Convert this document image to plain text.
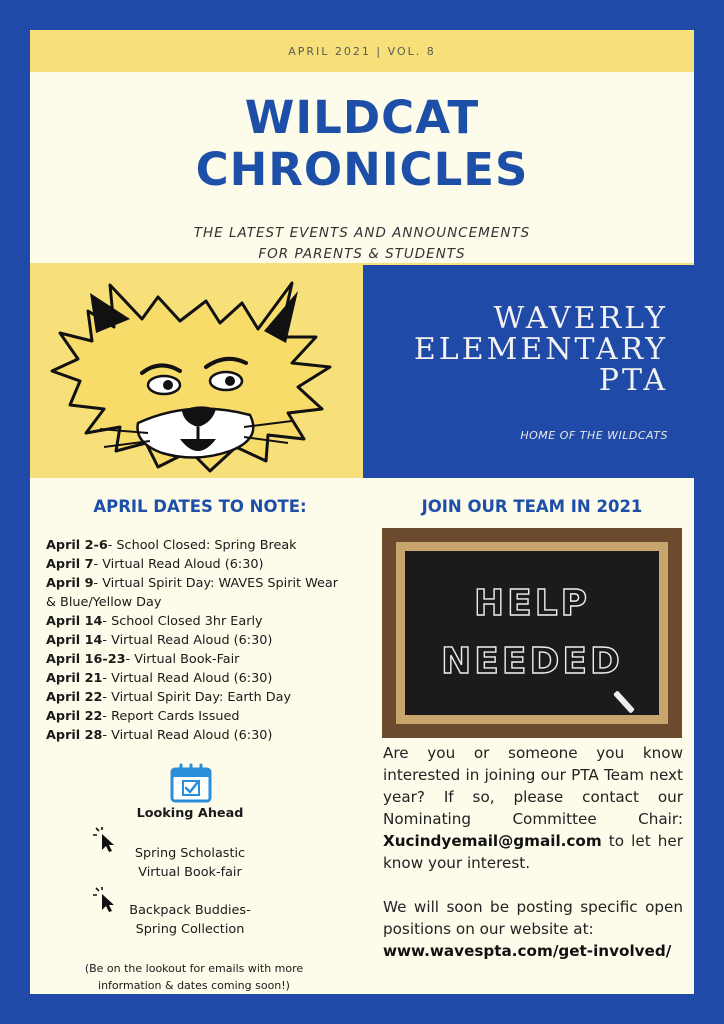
APRIL 2021 | VOL. 8
WILDCAT
CHRONICLES
THE LATEST EVENTS AND ANNOUNCEMENTS
FOR PARENTS & STUDENTS
WAVERLY
ELEMENTARY
PTA
HOME OF THE WILDCATS
APRIL DATES TO NOTE:
April 2-6- School Closed: Spring Break
April 7- Virtual Read Aloud (6:30)
April 9- Virtual Spirit Day: WAVES Spirit Wear & Blue/Yellow Day
April 14- School Closed 3hr Early
April 14- Virtual Read Aloud (6:30)
April 16-23- Virtual Book-Fair
April 21- Virtual Read Aloud (6:30)
April 22- Virtual Spirit Day: Earth Day
April 22- Report Cards Issued
April 28- Virtual Read Aloud (6:30)
Looking Ahead
Spring Scholastic
Virtual Book-fair
Backpack Buddies-
Spring Collection
(Be on the lookout for emails with more
information & dates coming soon!)
JOIN OUR TEAM IN 2021
HELP
NEEDED

Are you or someone you know interested in joining our PTA Team next year? If so, please contact our Nominating Committee Chair: Xucindyemail@gmail.com to let her know your interest.

We will soon be posting specific open positions on our website at:
www.wavespta.com/get-involved/
